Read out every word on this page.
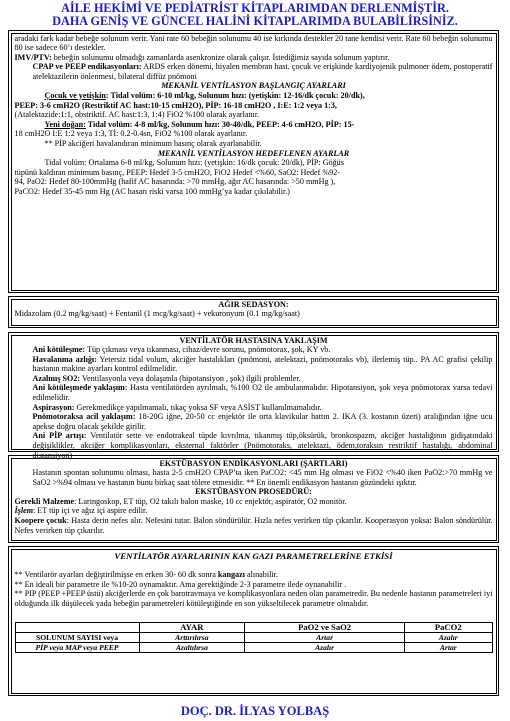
AİLE HEKİMİ VE PEDİATRİST KİTAPLARIMDAN DERLENMİŞTİR.
DAHA GENİŞ VE GÜNCEL HALİNİ KİTAPLARIMDA BULABİLİRSİNİZ.

aradaki fark kadar bebeğe solunum verir. Yani rate 60 bebeğin solunumu 40 ise kırkında destekler 20 tane kendisi verir. Rate 60 bebeğin solunumu 80 ise sadece 60’ı destekler.

IMV/PTV: bebeğin solunumu olmadığı zamanlarda asenkronize olarak çalışır. İstediğimiz sayıda solunum yaptırır.

CPAP ve PEEP endikasyonları: ARDS erken dönemi, hiyalen membran hast. çocuk ve erişkinde kardiyojenik pulmoner ödem, postoperatif atelektazilerin önlenmesi, bilateral diffüz pnömoni

MEKANİL VENTİLASYON BAŞLANGIÇ AYARLARI

Çocuk ve yetişkin: Tidal volüm: 6-10 ml/kg, Solunum hızı: (yetişkin: 12-16/dk çocuk: 20/dk),

PEEP: 3-6 cmH2O (Restriktif AC hast:10-15 cmH2O), PİP: 16-18 cmH2O , I:E: 1:2 veya 1:3,

(Atalektazide:1:1, obstriktif. AC hast:1:3, 1:4) FiO2 %100 olarak ayarlanır.

Yeni doğan: Tidal volüm: 4-8 ml/kg, Solunum hızı: 30-40/dk, PEEP: 4-6 cmH2O, PİP: 15-

18 cmH2O I:E 1:2 veya 1:3, Tİ: 0.2-0.4sn, FiO2 %100 olarak ayarlanır.

** PİP akciğeri havalandıran minimum basınç olarak ayarlanabilir.

MEKANİL VENTİLASYON HEDEFLENEN AYARLAR

Tidal volüm: Ortalama 6-8 ml/kg, Solunum hızı: (yetişkin: 16/dk çocuk: 20/dk), PİP: Göğüs

tüpünü kaldıran minimum basınç, PEEP: Hedef 3-5 cmH2O, FiO2 Hedef <%60, SaO2: Hedef %92-

94, PaO2: Hedef 80-100mmHg (hafif AC hasarında: >70 mmHg, ağır AC hasarında: >50 mmHg ),

PaCO2: Hedef 35-45 mm Hg (AC hasarı riski varsa 100 mmHg’ya kadar çıkılabilir.)

AĞIR SEDASYON:

Midazolam (0.2 mg/kg/saat) + Fentanil (1 mcg/kg/saat) + vekuronyum (0.1 mg/kg/saat)

VENTİLATÖR HASTASINA YAKLAŞIM

Ani kötüleşme: Tüp çıkması veya tıkanması, cihaz/devre sorunu, pnömotorax, şok, KY vb.

Havalanma azlığı: Yetersiz tidal volum, akciğer hastalıkları (pnömoni, atelektazi, pnömotoraks vb), ilerlemiş tüp.. PA AC grafisi çekilip hastanın makine ayarları kontrol edilmelidir.

Azalmış SO2: Ventilasyonla veya dolaşımla (hipotansiyon , şok) ilgili problemler.

Ani kötüleşmede yaklaşım: Hasta ventilatörden ayrılmalı, %100 O2 ile ambulanmalıdır. Hipotansiyon, şok veya pnömotorax varsa tedavi edilmelidir.

Aspirasyon: Gerekmedikçe yapılmamalı, tıkaç yoksa SF veya ASİST kullanılmamalıdır.

Pnömotoraksa acil yaklaşım: 18-20G iğne, 20-50 cc enjektör ile orta klavikular hattın 2. IKA (3. kostanın üzeri) aralığından iğne ucu apekse doğru olacak şekilde girilir.

Ani PİP artışı: Ventilatör sette ve endotrakeal tüpde kıvrılma, tıkanmış tüp,öksürük, bronkospazm, akciğer hastalığının gidişatındaki değişiklikler, akciğer komplikasyonları, eksternal faktörler (Pnömotoraks, atelektazi, ödem,toraksın restriktif hastalığı, abdominal distansiyon)

EKSTÜBASYON ENDİKASYONLARI (ŞARTLARI)

Hastanın spontan solunumu olması, hasta 2-5 cmH2O CPAP’ta iken PaCO2: <45 mm Hg olması ve FiO2 <%40 iken PaO2:>70 mmHg ve SaO2 >%94 olması ve hastanın bunu birkaç saat tölere etmesidir. ** En önemli endikasyon hastanın gözündeki ışıktır.

EKSTÜBASYON PROSEDÜRÜ:

Gerekli Malzeme: Laringoskop, ET tüp, O2 takılı balon maske, 10 cc enjektör, aspiratör, O2 monitör.

İşlem: ET tüp içi ve ağız içi aspire edilir.

Koopere çocuk: Hasta derin nefes alır. Nefesini tutar. Balon söndürülür. Hızla nefes verirken tüp çıkarılır. Kooperasyon yoksa: Balon söndürülür. Nefes verirken tüp çıkarılır.

VENTİLATÖR AYARLARININ KAN GAZI PARAMETRELERİNE ETKİSİ

** Ventilarör ayarları değiştirilmişse en erken 30- 60 dk sonra kangazı alınabilir.

** En ideali bir parametre ile %10-20 oynamaktır. Ama gerektiğinde 2-3 parametre ilede oynanabilir .

** PIP (PEEP +PEEP üstü) akciğerlerde en çok barotravmaya ve komplikasyonlara neden olan parametredir. Bu nedenle hastanın parametreleri iyi olduğunda ilk düşülecek yada bebeğin parametreleri kötüleştiğinde en son yükseltilecek parametre olmalıdır.

	AYAR	PaO2 ve SaO2	PaCO2
SOLUNUM SAYISI veya	Arttırılırsa	Artar	Azalır
PİP veya MAP veya PEEP	Azaltılırsa	Azalır	Artar
DOÇ. DR. İLYAS YOLBAŞ
